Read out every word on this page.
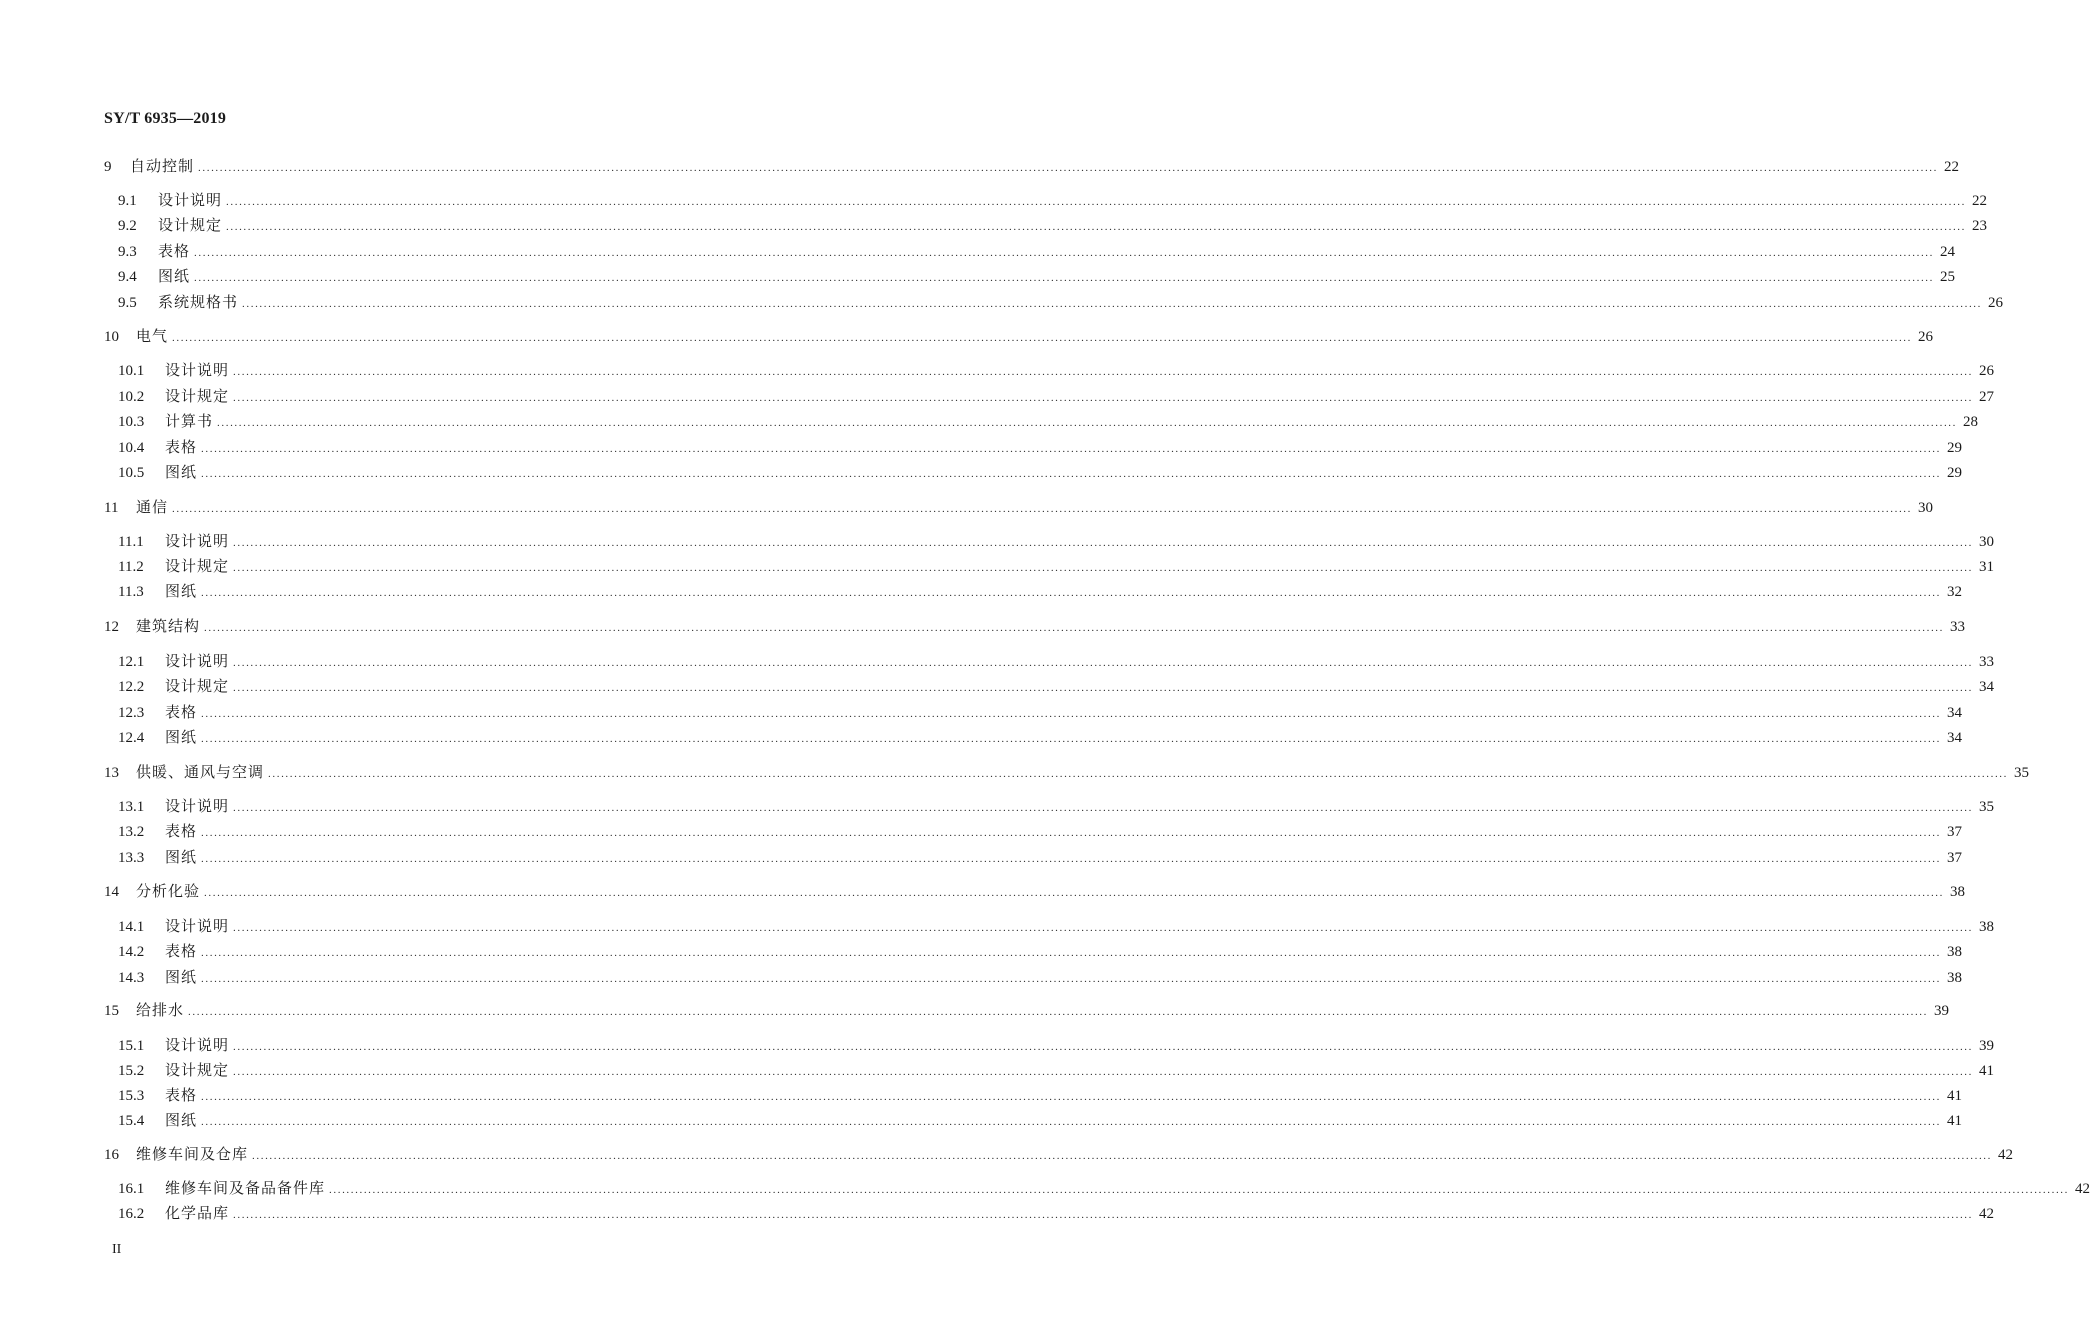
SY/T 6935—2019
9	自动控制 ................................................................................................................................................................................................................................................................................................................................................................................................................ 22
9.1	设计说明 ................................................................................................................................................................................................................................................................................................................................................................................................................ 22
9.2	设计规定 ................................................................................................................................................................................................................................................................................................................................................................................................................ 23
9.3	表格 ................................................................................................................................................................................................................................................................................................................................................................................................................ 24
9.4	图纸 ................................................................................................................................................................................................................................................................................................................................................................................................................ 25
9.5	系统规格书 ................................................................................................................................................................................................................................................................................................................................................................................................................ 26
10	电气 ................................................................................................................................................................................................................................................................................................................................................................................................................ 26
10.1	设计说明 ................................................................................................................................................................................................................................................................................................................................................................................................................ 26
10.2	设计规定 ................................................................................................................................................................................................................................................................................................................................................................................................................ 27
10.3	计算书 ................................................................................................................................................................................................................................................................................................................................................................................................................ 28
10.4	表格 ................................................................................................................................................................................................................................................................................................................................................................................................................ 29
10.5	图纸 ................................................................................................................................................................................................................................................................................................................................................................................................................ 29
11	通信 ................................................................................................................................................................................................................................................................................................................................................................................................................ 30
11.1	设计说明 ................................................................................................................................................................................................................................................................................................................................................................................................................ 30
11.2	设计规定 ................................................................................................................................................................................................................................................................................................................................................................................................................ 31
11.3	图纸 ................................................................................................................................................................................................................................................................................................................................................................................................................ 32
12	建筑结构 ................................................................................................................................................................................................................................................................................................................................................................................................................ 33
12.1	设计说明 ................................................................................................................................................................................................................................................................................................................................................................................................................ 33
12.2	设计规定 ................................................................................................................................................................................................................................................................................................................................................................................................................ 34
12.3	表格 ................................................................................................................................................................................................................................................................................................................................................................................................................ 34
12.4	图纸 ................................................................................................................................................................................................................................................................................................................................................................................................................ 34
13	供暖、通风与空调 ................................................................................................................................................................................................................................................................................................................................................................................................................ 35
13.1	设计说明 ................................................................................................................................................................................................................................................................................................................................................................................................................ 35
13.2	表格 ................................................................................................................................................................................................................................................................................................................................................................................................................ 37
13.3	图纸 ................................................................................................................................................................................................................................................................................................................................................................................................................ 37
14	分析化验 ................................................................................................................................................................................................................................................................................................................................................................................................................ 38
14.1	设计说明 ................................................................................................................................................................................................................................................................................................................................................................................................................ 38
14.2	表格 ................................................................................................................................................................................................................................................................................................................................................................................................................ 38
14.3	图纸 ................................................................................................................................................................................................................................................................................................................................................................................................................ 38
15	给排水 ................................................................................................................................................................................................................................................................................................................................................................................................................ 39
15.1	设计说明 ................................................................................................................................................................................................................................................................................................................................................................................................................ 39
15.2	设计规定 ................................................................................................................................................................................................................................................................................................................................................................................................................ 41
15.3	表格 ................................................................................................................................................................................................................................................................................................................................................................................................................ 41
15.4	图纸 ................................................................................................................................................................................................................................................................................................................................................................................................................ 41
16	维修车间及仓库 ................................................................................................................................................................................................................................................................................................................................................................................................................ 42
16.1	维修车间及备品备件库 ................................................................................................................................................................................................................................................................................................................................................................................................................ 42
16.2	化学品库 ................................................................................................................................................................................................................................................................................................................................................................................................................ 42
II
